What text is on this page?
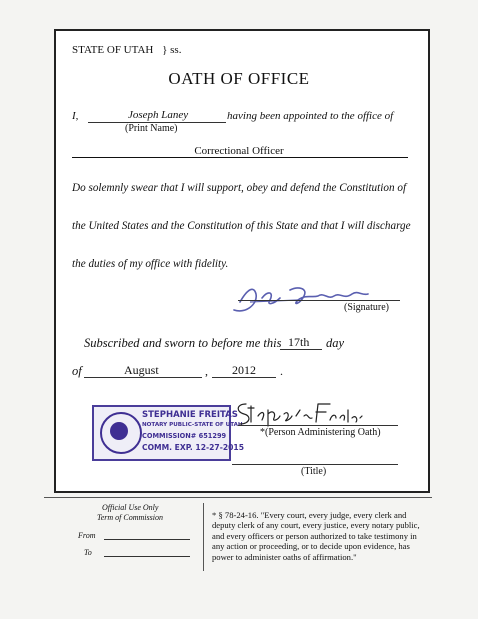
STATE OF UTAH } ss.
OATH OF OFFICE
I,	Joseph Laney	having been appointed to the office of
(Print Name)
Correctional Officer
Do solemnly swear that I will support, obey and defend the Constitution of
the United States and the Constitution of this State and that I will discharge
the duties of my office with fidelity.
(Signature)
Subscribed and sworn to before me this 17th day
of	August	, 2012 .
STEPHANIE FREITAS
NOTARY PUBLIC-STATE OF UTAH
COMMISSION# 651299
COMM. EXP. 12-27-2015
*(Person Administering Oath)
(Title)
Official Use Only
Term of Commission
From
To
* § 78-24-16. "Every court, every judge, every clerk and deputy clerk of any court, every justice, every notary public, and every officers or person authorized to take testimony in any action or proceeding, or to decide upon evidence, has power to administer oaths of affirmation."
